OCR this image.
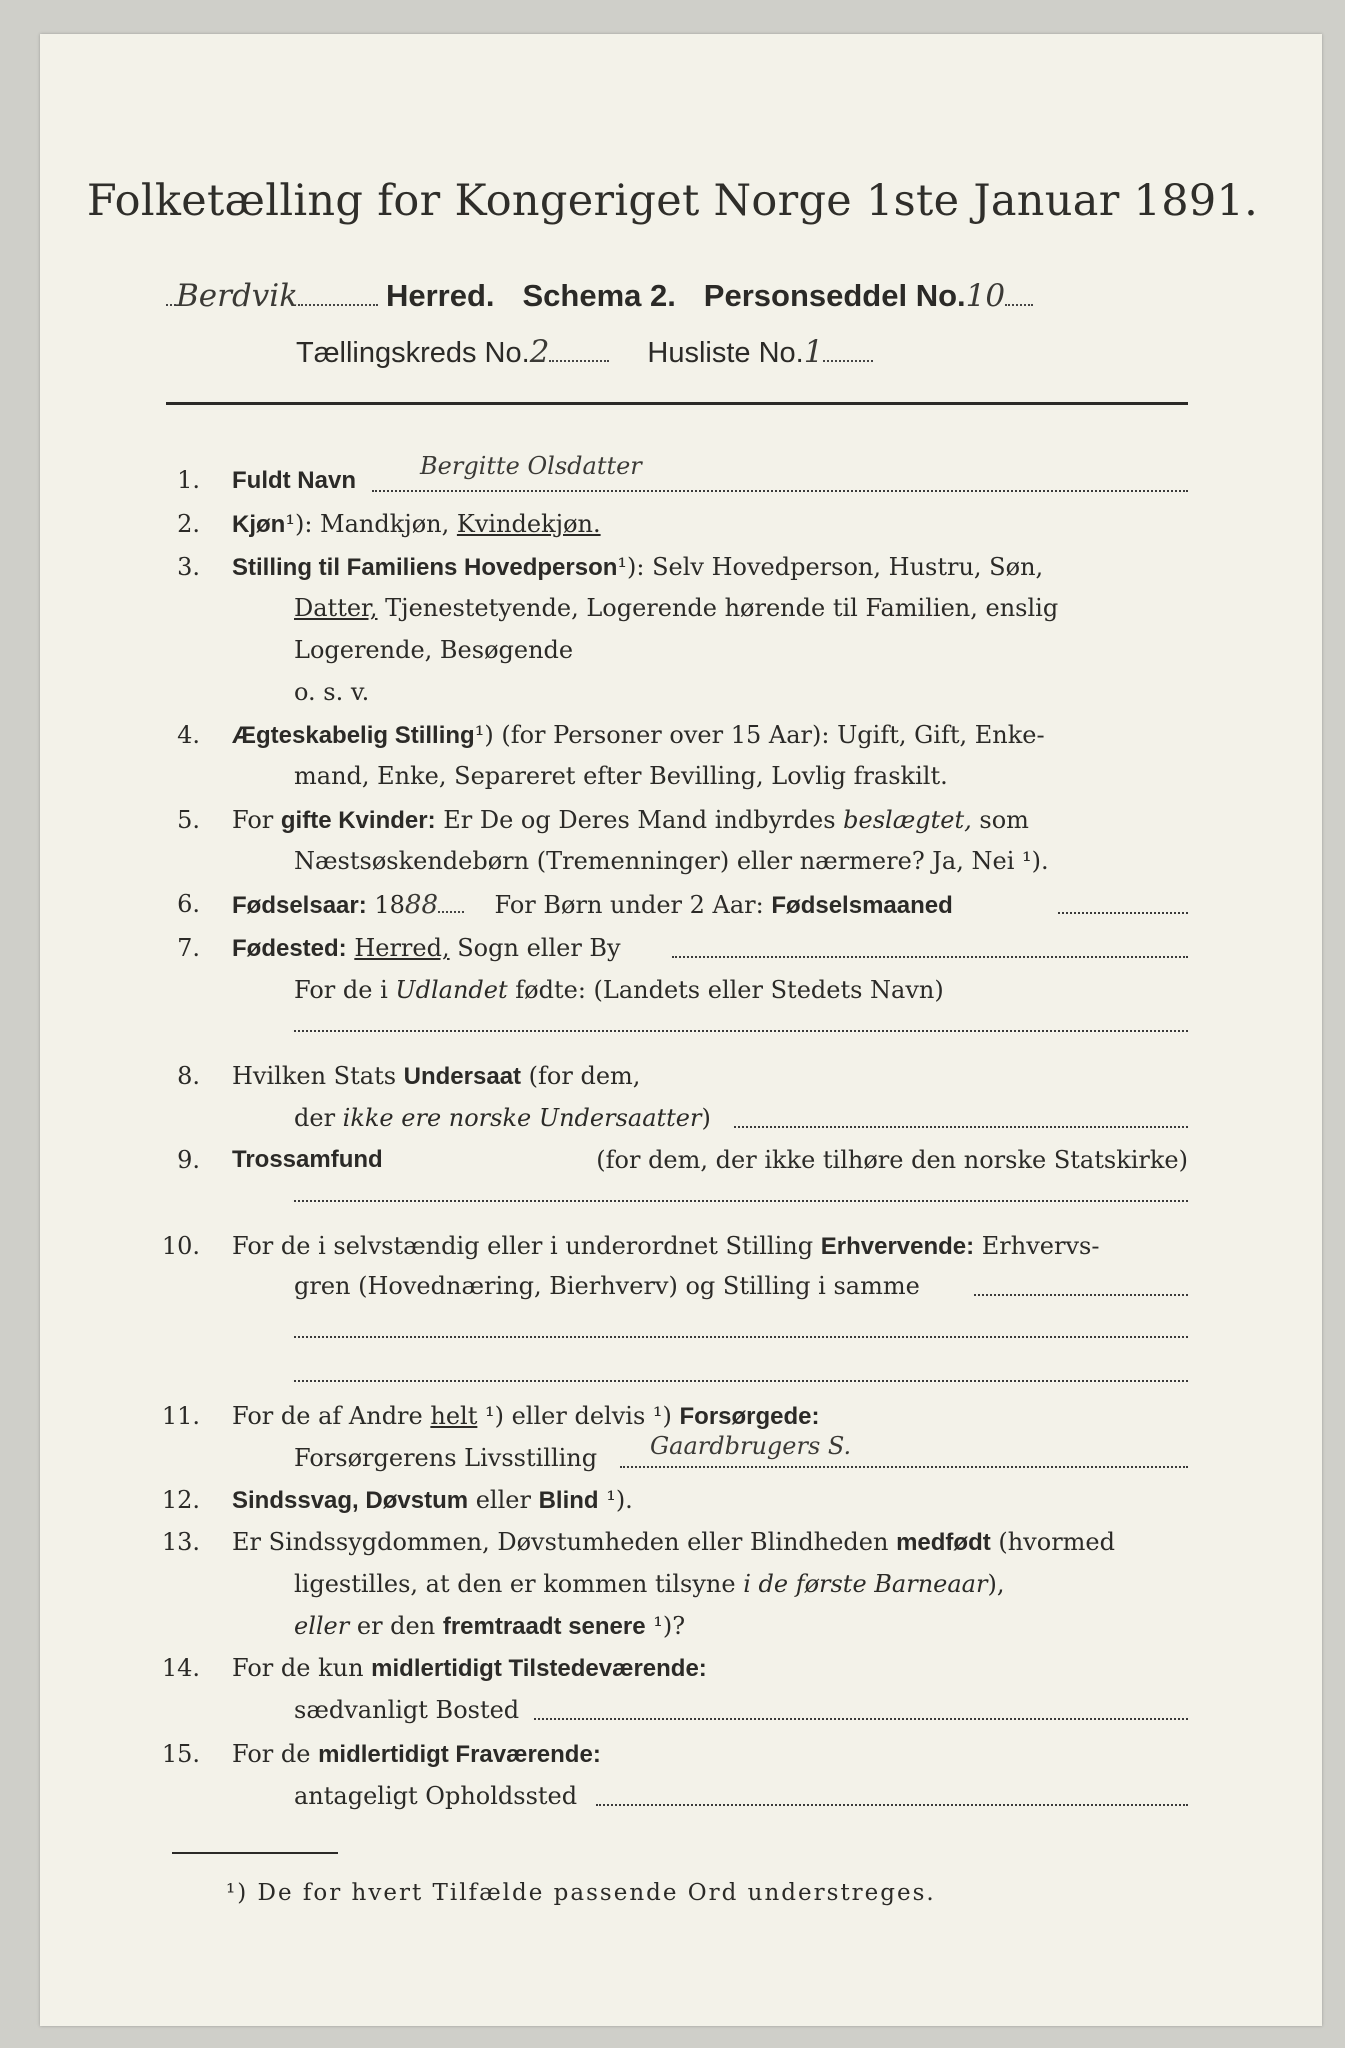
Folketælling for Kongeriget Norge 1ste Januar 1891.
Berdvik	Herred. Schema 2. Personseddel No.10
Tællingskreds No.2	Husliste No.1
1. Fuldt Navn
Bergitte Olsdatter
2. Kjøn¹): Mandkjøn, Kvindekjøn.
3. Stilling til Familiens Hovedperson¹): Selv Hovedperson, Hustru, Søn,
Datter, Tjenestetyende, Logerende hørende til Familien, enslig
Logerende, Besøgende
o. s. v.
4. Ægteskabelig Stilling¹) (for Personer over 15 Aar): Ugift, Gift, Enke-
mand, Enke, Separeret efter Bevilling, Lovlig fraskilt.
5. For gifte Kvinder: Er De og Deres Mand indbyrdes beslægtet, som
Næstsøskendebørn (Tremenninger) eller nærmere? Ja, Nei ¹).
6. Fødselsaar: 1888 For Børn under 2 Aar: Fødselsmaaned
7. Fødested: Herred, Sogn eller By
For de i Udlandet fødte: (Landets eller Stedets Navn)
8. Hvilken Stats Undersaat (for dem,
der ikke ere norske Undersaatter)
9. Trossamfund	(for dem, der ikke tilhøre den norske Statskirke)
10. For de i selvstændig eller i underordnet Stilling Erhvervende: Erhvervs-
gren (Hovednæring, Bierhverv) og Stilling i samme
11. For de af Andre helt ¹) eller delvis ¹) Forsørgede:
Forsørgerens Livsstilling Gaardbrugers S.
12. Sindssvag, Døvstum eller Blind ¹).
13. Er Sindssygdommen, Døvstumheden eller Blindheden medfødt (hvormed
ligestilles, at den er kommen tilsyne i de første Barneaar),
eller er den fremtraadt senere ¹)?
14. For de kun midlertidigt Tilstedeværende:
sædvanligt Bosted
15. For de midlertidigt Fraværende:
antageligt Opholdssted
¹) De for hvert Tilfælde passende Ord understreges.
